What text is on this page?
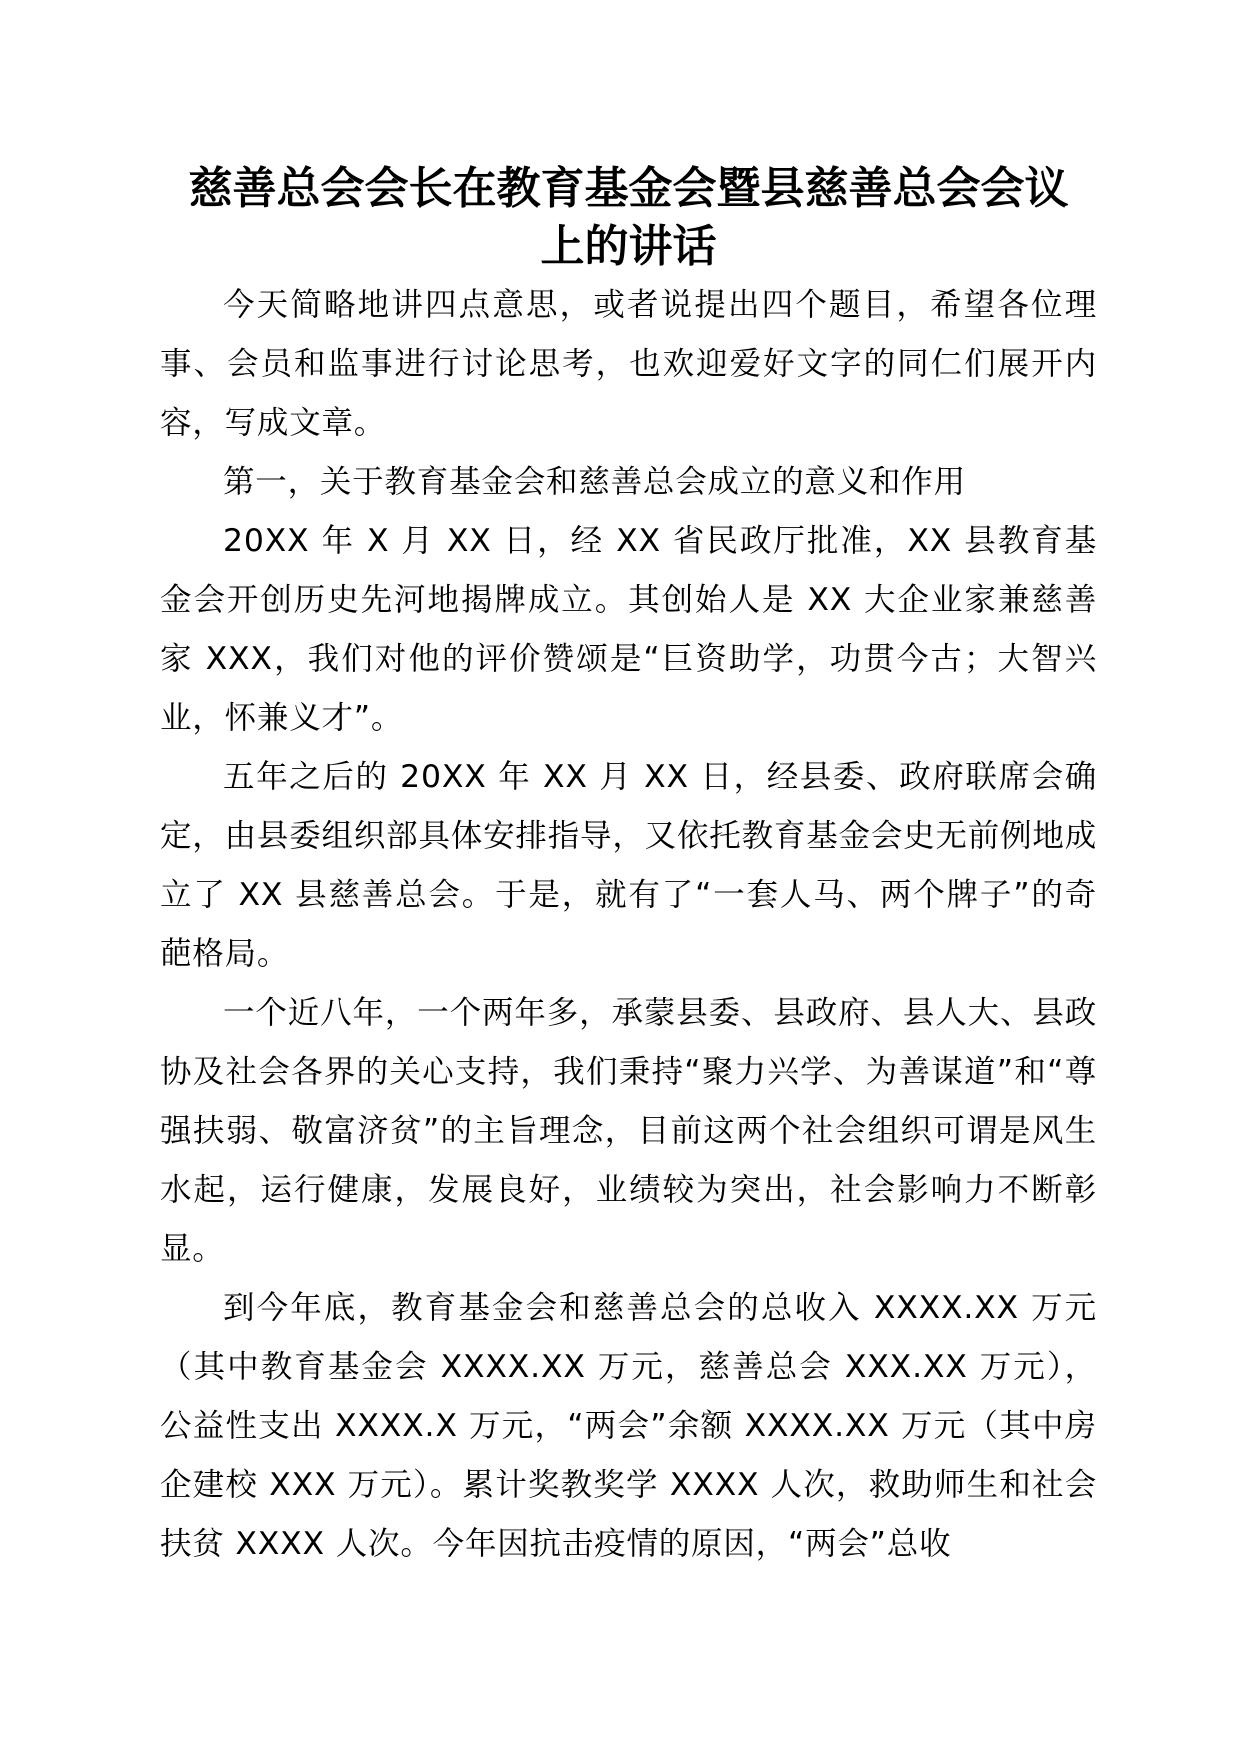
慈善总会会长在教育基金会暨县慈善总会会议
上的讲话

今天简略地讲四点意思，或者说提出四个题目，希望各位理事、会员和监事进行讨论思考，也欢迎爱好文字的同仁们展开内容，写成文章。

第一，关于教育基金会和慈善总会成立的意义和作用

20XX 年 X 月 XX 日，经 XX 省民政厅批准，XX 县教育基金会开创历史先河地揭牌成立。其创始人是 XX 大企业家兼慈善家 XXX，我们对他的评价赞颂是“巨资助学，功贯今古；大智兴业，怀兼义才”。

五年之后的 20XX 年 XX 月 XX 日，经县委、政府联席会确定，由县委组织部具体安排指导，又依托教育基金会史无前例地成立了 XX 县慈善总会。于是，就有了“一套人马、两个牌子”的奇葩格局。

一个近八年，一个两年多，承蒙县委、县政府、县人大、县政协及社会各界的关心支持，我们秉持“聚力兴学、为善谋道”和“尊强扶弱、敬富济贫”的主旨理念，目前这两个社会组织可谓是风生水起，运行健康，发展良好，业绩较为突出，社会影响力不断彰显。

到今年底，教育基金会和慈善总会的总收入 XXXX.XX 万元（其中教育基金会 XXXX.XX 万元，慈善总会 XXX.XX 万元），公益性支出 XXXX.X 万元，“两会”余额 XXXX.XX 万元（其中房企建校 XXX 万元）。累计奖教奖学 XXXX 人次，救助师生和社会扶贫 XXXX 人次。今年因抗击疫情的原因，“两会”总收
